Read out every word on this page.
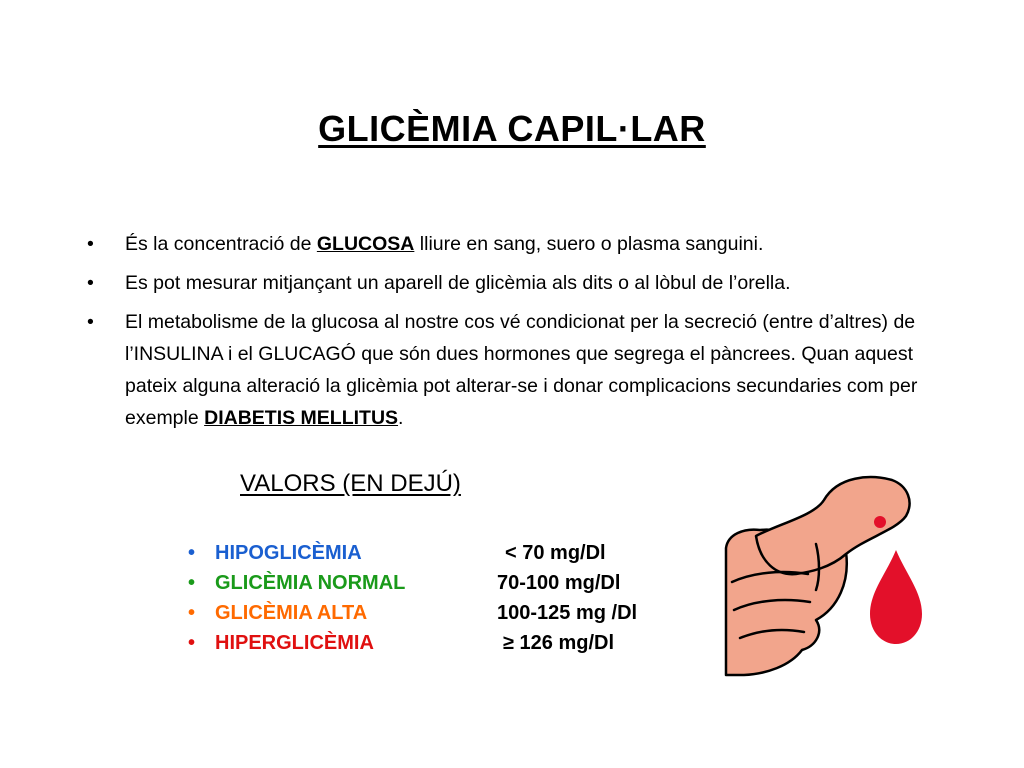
GLICÈMIA CAPIL·LAR
• És la concentració de GLUCOSA lliure en sang, suero o plasma sanguini.
• Es pot mesurar mitjançant un aparell de glicèmia als dits o al lòbul de l’orella.
• El metabolisme de la glucosa al nostre cos vé condicionat per la secreció (entre d’altres) de l’INSULINA i el GLUCAGÓ que són dues hormones que segrega el pàncrees. Quan aquest pateix alguna alteració la glicèmia pot alterar-se i donar complicacions secundaries com per exemple DIABETIS MELLITUS.
VALORS (EN DEJÚ)
• HIPOGLICÈMIA	< 70 mg/Dl
• GLICÈMIA NORMAL	70-100 mg/Dl
• GLICÈMIA ALTA	100-125 mg /Dl
• HIPERGLICÈMIA	≥ 126 mg/Dl
